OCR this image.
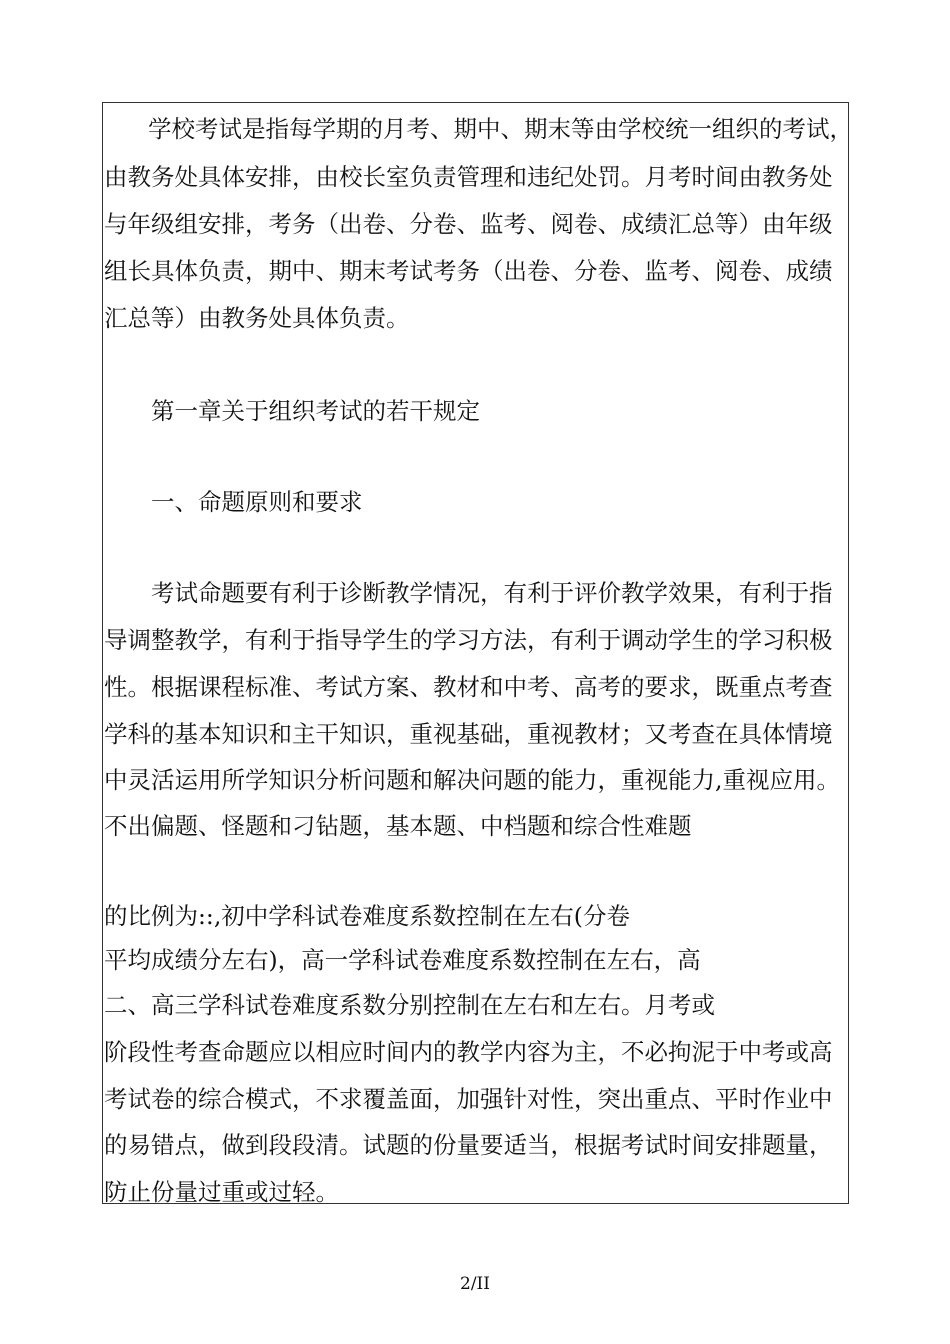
学校考试是指每学期的月考、期中、期末等由学校统一组织的考试，
由教务处具体安排，由校长室负责管理和违纪处罚。月考时间由教务处
与年级组安排，考务（出卷、分卷、监考、阅卷、成绩汇总等）由年级
组长具体负责，期中、期末考试考务（出卷、分卷、监考、阅卷、成绩
汇总等）由教务处具体负责。
第一章关于组织考试的若干规定
一、命题原则和要求
考试命题要有利于诊断教学情况，有利于评价教学效果，有利于指
导调整教学，有利于指导学生的学习方法，有利于调动学生的学习积极
性。根据课程标准、考试方案、教材和中考、高考的要求，既重点考查
学科的基本知识和主干知识，重视基础，重视教材；又考查在具体情境
中灵活运用所学知识分析问题和解决问题的能力，重视能力,重视应用。
不出偏题、怪题和刁钻题，基本题、中档题和综合性难题
的比例为::,初中学科试卷难度系数控制在左右(分卷
平均成绩分左右)，高一学科试卷难度系数控制在左右，高
二、高三学科试卷难度系数分别控制在左右和左右。月考或
阶段性考查命题应以相应时间内的教学内容为主，不必拘泥于中考或高
考试卷的综合模式，不求覆盖面，加强针对性，突出重点、平时作业中
的易错点，做到段段清。试题的份量要适当，根据考试时间安排题量，
防止份量过重或过轻。
2/II
